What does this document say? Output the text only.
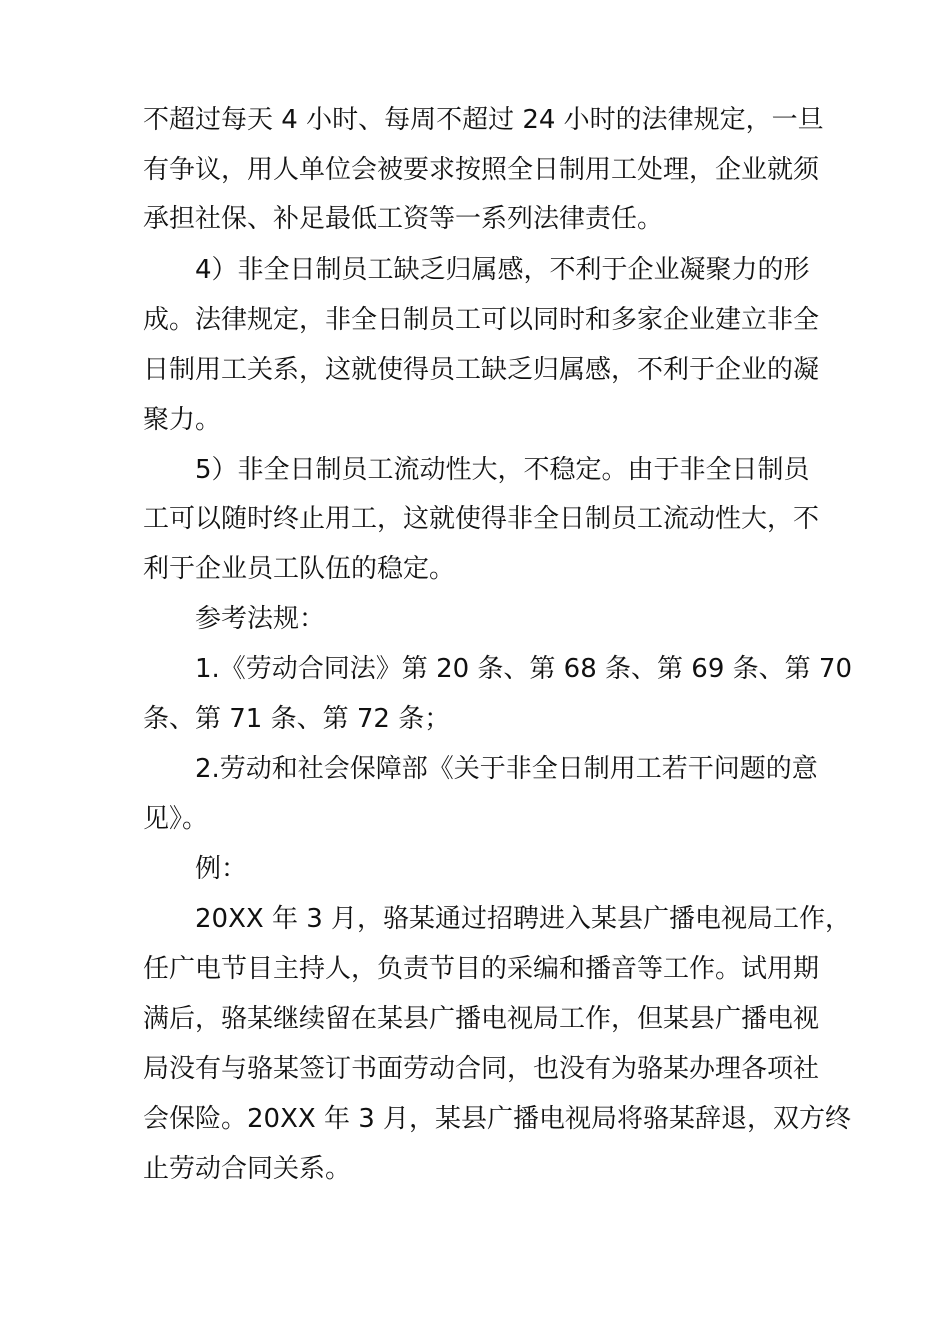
不超过每天 4 小时、每周不超过 24 小时的法律规定，一旦
有争议，用人单位会被要求按照全日制用工处理，企业就须
承担社保、补足最低工资等一系列法律责任。
4）非全日制员工缺乏归属感，不利于企业凝聚力的形
成。法律规定，非全日制员工可以同时和多家企业建立非全
日制用工关系，这就使得员工缺乏归属感，不利于企业的凝
聚力。
5）非全日制员工流动性大，不稳定。由于非全日制员
工可以随时终止用工，这就使得非全日制员工流动性大，不
利于企业员工队伍的稳定。
参考法规：
1.《劳动合同法》第 20 条、第 68 条、第 69 条、第 70
条、第 71 条、第 72 条；
2.劳动和社会保障部《关于非全日制用工若干问题的意
见》。
例：
20XX 年 3 月，骆某通过招聘进入某县广播电视局工作，
任广电节目主持人，负责节目的采编和播音等工作。试用期
满后，骆某继续留在某县广播电视局工作，但某县广播电视
局没有与骆某签订书面劳动合同，也没有为骆某办理各项社
会保险。20XX 年 3 月，某县广播电视局将骆某辞退，双方终
止劳动合同关系。
